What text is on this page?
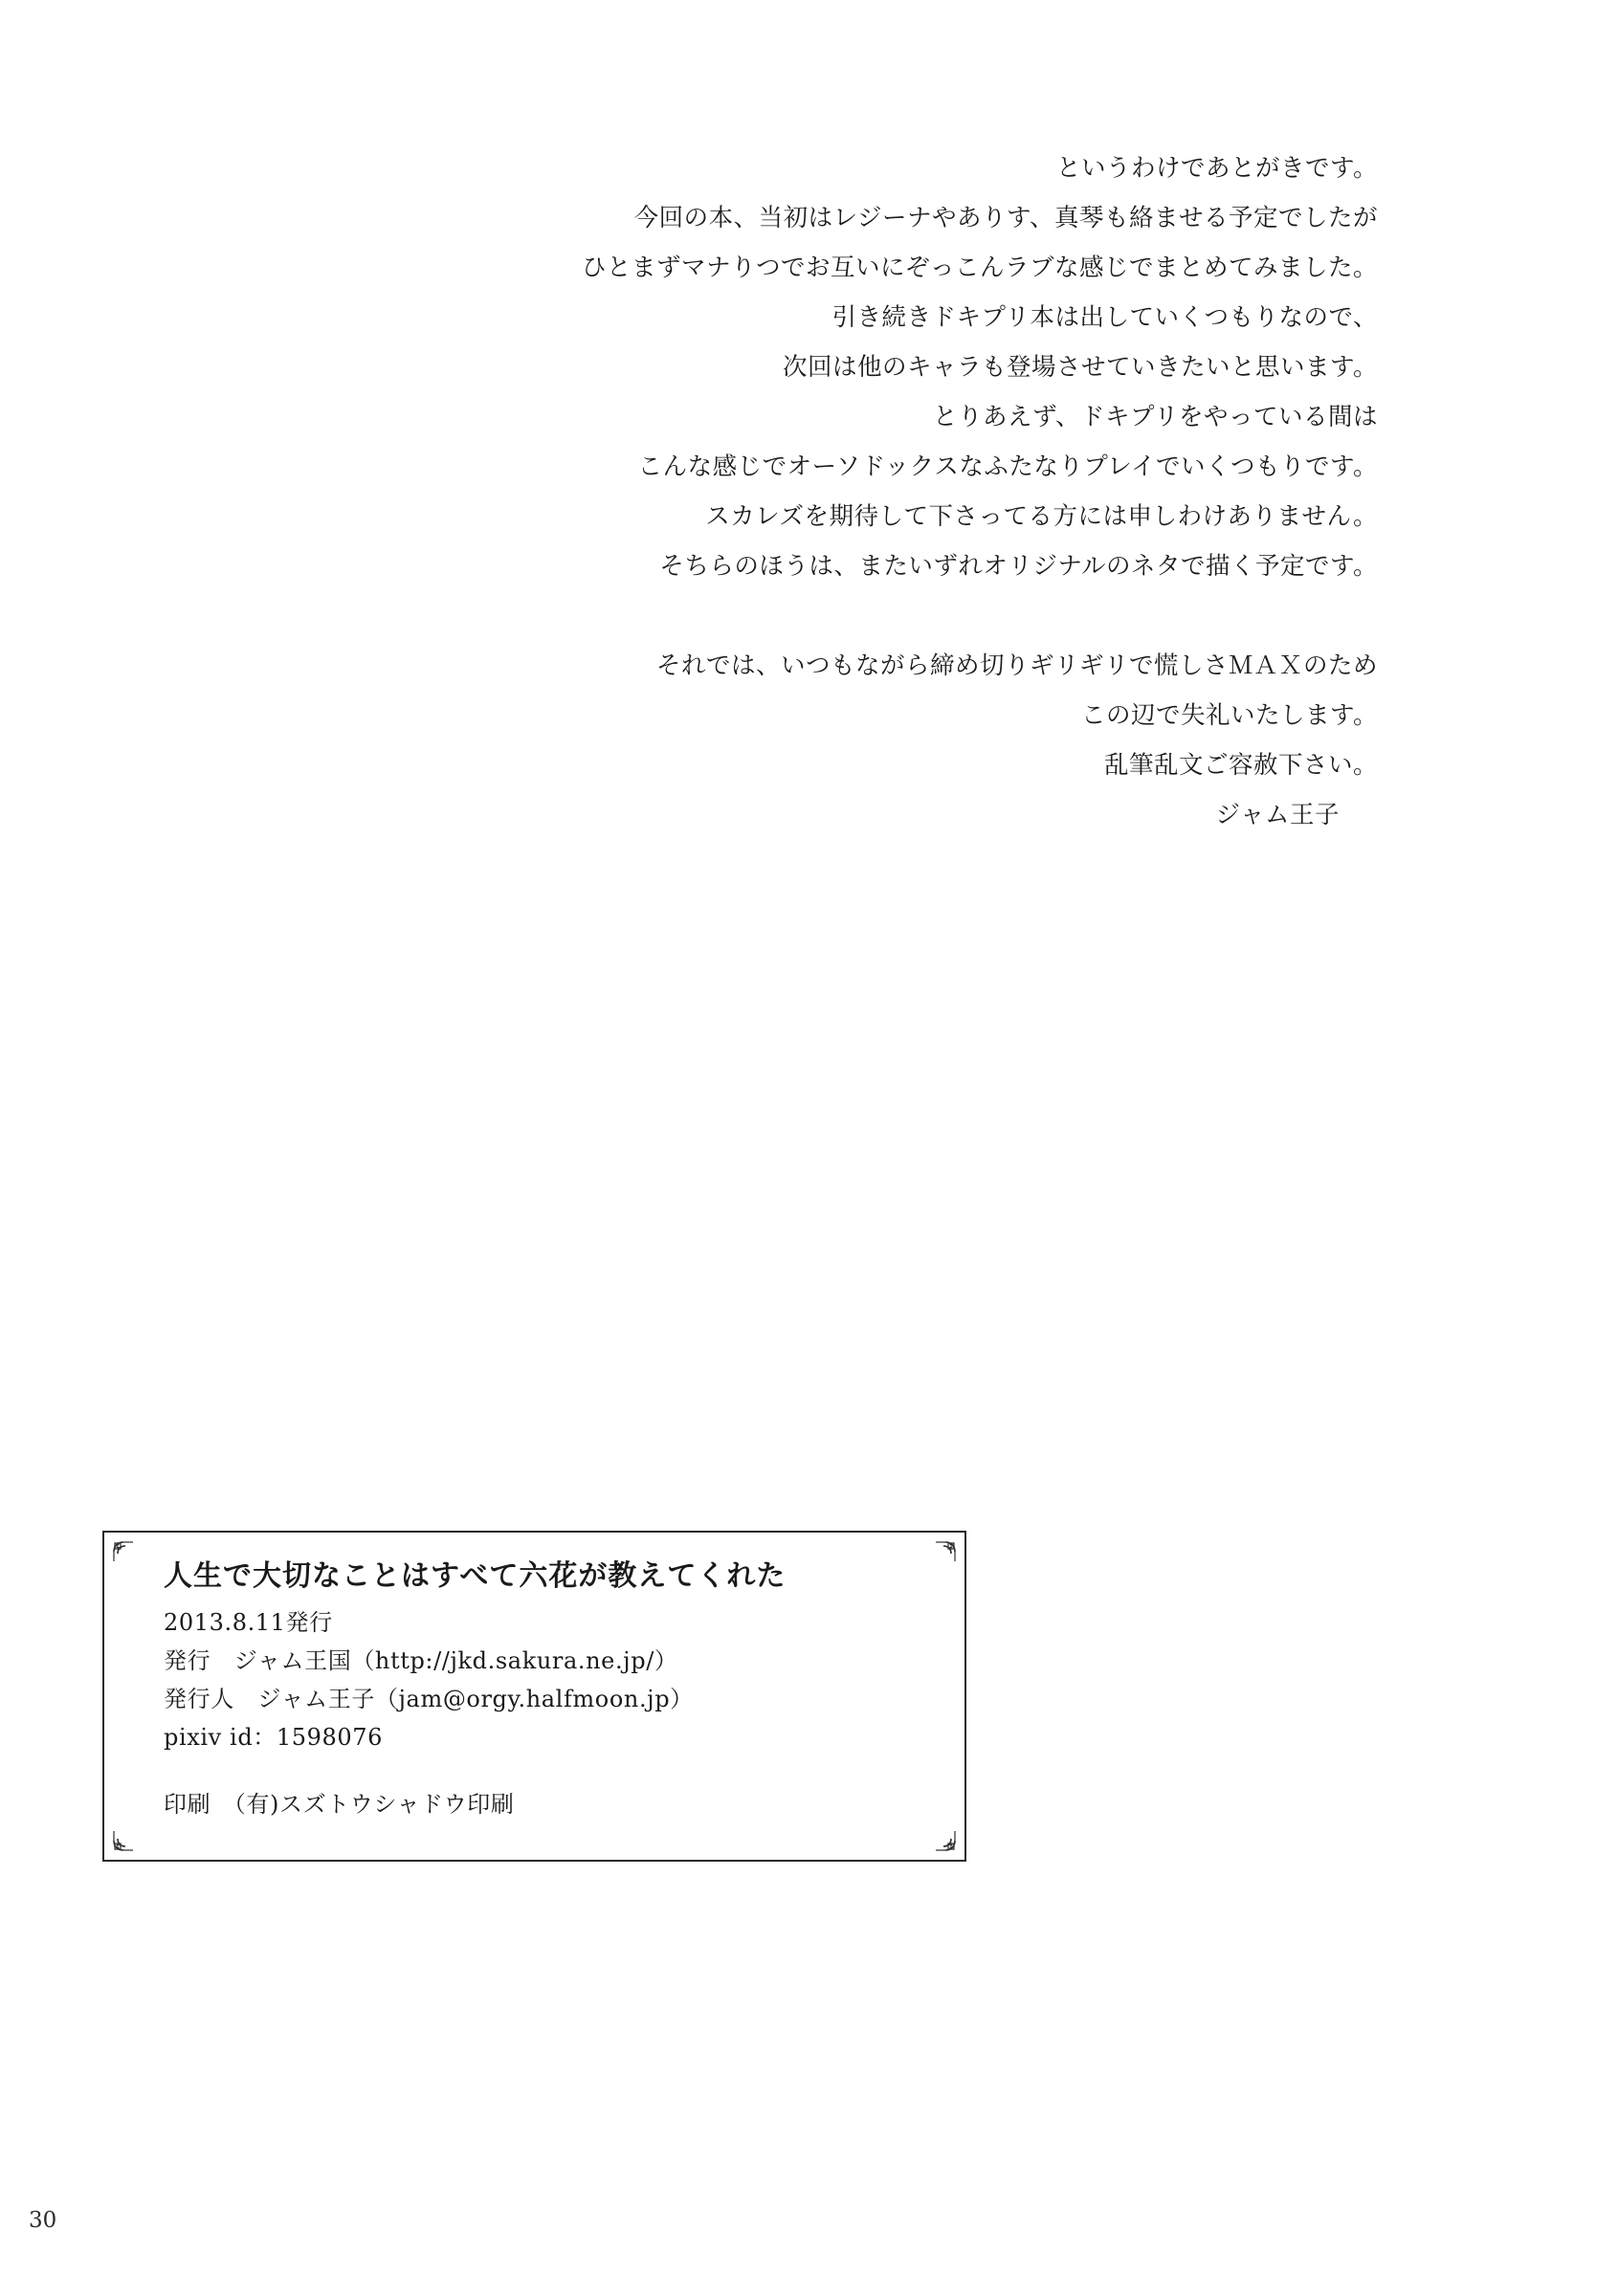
というわけであとがきです。

今回の本、当初はレジーナやありす、真琴も絡ませる予定でしたが

ひとまずマナりつでお互いにぞっこんラブな感じでまとめてみました。

引き続きドキプリ本は出していくつもりなので、

次回は他のキャラも登場させていきたいと思います。

とりあえず、ドキプリをやっている間は

こんな感じでオーソドックスなふたなりプレイでいくつもりです。

スカレズを期待して下さってる方には申しわけありません。

そちらのほうは、またいずれオリジナルのネタで描く予定です。

それでは、いつもながら締め切りギリギリで慌しさＭＡＸのため

この辺で失礼いたします。

乱筆乱文ご容赦下さい。

ジャム王子

人生で大切なことはすべて六花が教えてくれた
2013.8.11発行
発行　ジャム王国（http://jkd.sakura.ne.jp/）
発行人　ジャム王子（jam@orgy.halfmoon.jp）
pixiv id：1598076
印刷　（有)スズトウシャドウ印刷
30
